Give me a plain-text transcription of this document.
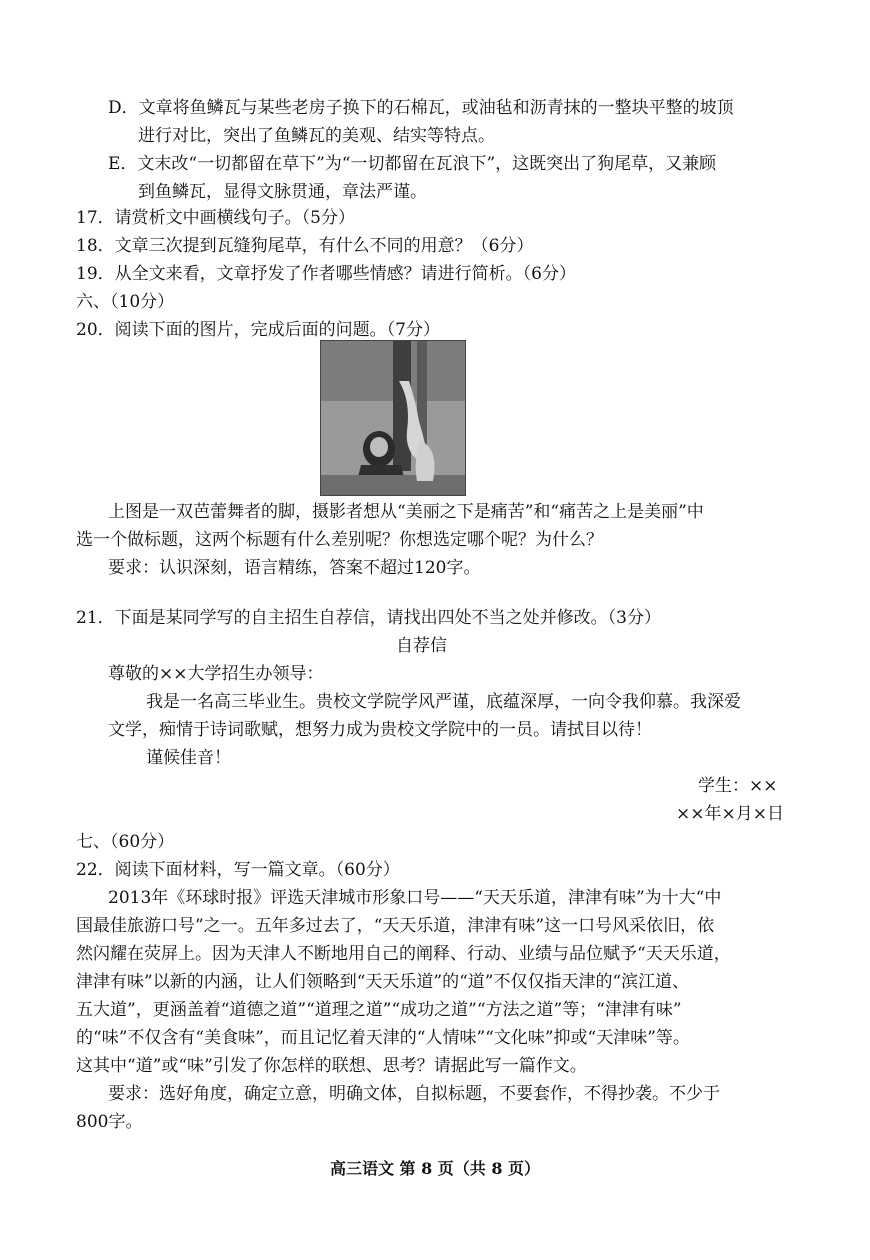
D．文章将鱼鳞瓦与某些老房子换下的石棉瓦，或油毡和沥青抹的一整块平整的坡顶
进行对比，突出了鱼鳞瓦的美观、结实等特点。
E．文末改“一切都留在草下”为“一切都留在瓦浪下”，这既突出了狗尾草，又兼顾
到鱼鳞瓦，显得文脉贯通，章法严谨。
17．请赏析文中画横线句子。（5分）
18．文章三次提到瓦缝狗尾草，有什么不同的用意？（6分）
19．从全文来看，文章抒发了作者哪些情感？请进行简析。（6分）
六、（10分）
20．阅读下面的图片，完成后面的问题。（7分）
上图是一双芭蕾舞者的脚，摄影者想从“美丽之下是痛苦”和“痛苦之上是美丽”中
选一个做标题，这两个标题有什么差别呢？你想选定哪个呢？为什么？
要求：认识深刻，语言精练，答案不超过120字。
21．下面是某同学写的自主招生自荐信，请找出四处不当之处并修改。（3分）
自荐信
尊敬的××大学招生办领导：
我是一名高三毕业生。贵校文学院学风严谨，底蕴深厚，一向令我仰慕。我深爱
文学，痴情于诗词歌赋，想努力成为贵校文学院中的一员。请拭目以待！
谨候佳音！
学生：××
××年×月×日
七、（60分）
22．阅读下面材料，写一篇文章。（60分）
2013年《环球时报》评选天津城市形象口号——“天天乐道，津津有味”为十大“中
国最佳旅游口号”之一。五年多过去了，“天天乐道，津津有味”这一口号风采依旧，依
然闪耀在荧屏上。因为天津人不断地用自己的阐释、行动、业绩与品位赋予“天天乐道，
津津有味”以新的内涵，让人们领略到“天天乐道”的“道”不仅仅指天津的“滨江道、
五大道”，更涵盖着“道德之道”“道理之道”“成功之道”“方法之道”等；“津津有味”
的“味”不仅含有“美食味”，而且记忆着天津的“人情味”“文化味”抑或“天津味”等。
这其中“道”或“味”引发了你怎样的联想、思考？请据此写一篇作文。
要求：选好角度，确定立意，明确文体，自拟标题，不要套作，不得抄袭。不少于
800字。
高三语文 第 8 页（共 8 页）
